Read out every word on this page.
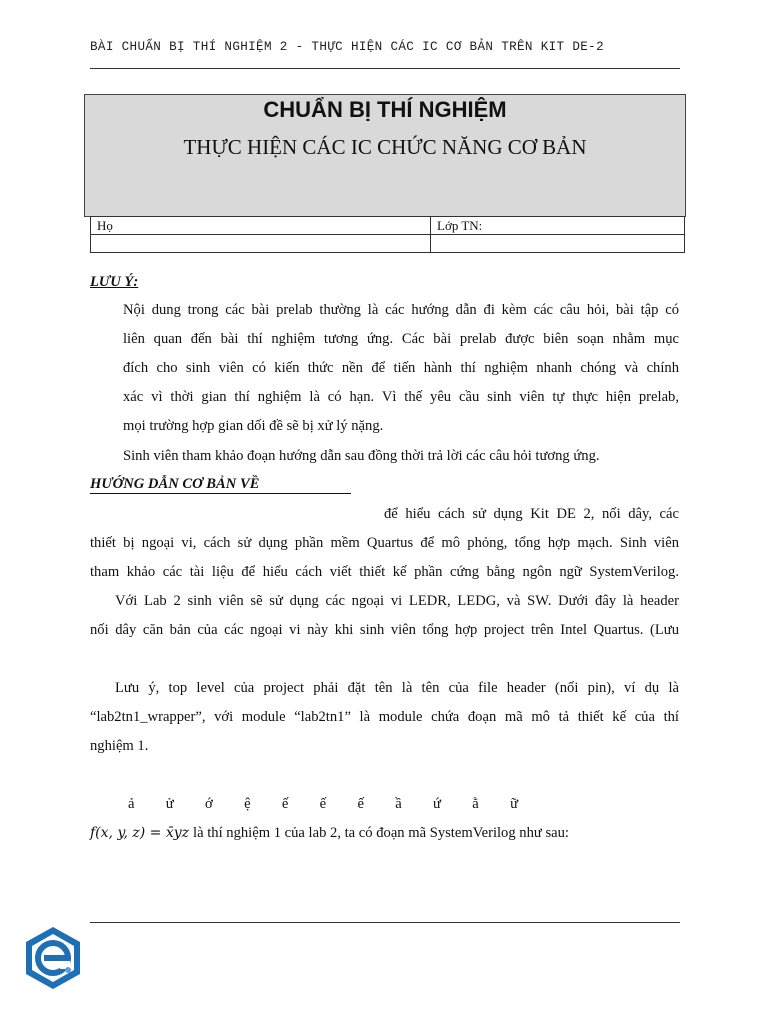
BÀI CHUẨN BỊ THÍ NGHIỆM 2 - THỰC HIỆN CÁC IC CƠ BẢN TRÊN KIT DE-2
CHUẨN BỊ THÍ NGHIỆM
THỰC HIỆN CÁC IC CHỨC NĂNG CƠ BẢN
Họ	Lớp TN:

LƯU Ý:
Nội dung trong các bài prelab thường là các hướng dẫn đi kèm các câu hỏi, bài tập có
liên quan đến bài thí nghiệm tương ứng. Các bài prelab được biên soạn nhằm mục
đích cho sinh viên có kiến thức nền để tiến hành thí nghiệm nhanh chóng và chính
xác vì thời gian thí nghiệm là có hạn. Vì thế yêu cầu sinh viên tự thực hiện prelab,
mọi trường hợp gian dối đề sẽ bị xử lý nặng.
Sinh viên tham khảo đoạn hướng dẫn sau đồng thời trả lời các câu hỏi tương ứng.
HƯỚNG DẪN CƠ BẢN VỀ
để hiểu cách sử dụng Kit DE 2, nối dây, các
thiết bị ngoại vi, cách sử dụng phần mềm Quartus để mô phỏng, tổng hợp mạch. Sinh viên
tham khảo các tài liệu để hiểu cách viết thiết kế phần cứng bằng ngôn ngữ SystemVerilog.
Với Lab 2 sinh viên sẽ sử dụng các ngoại vi LEDR, LEDG, và SW. Dưới đây là header
nối dây căn bản của các ngoại vi này khi sinh viên tổng hợp project trên Intel Quartus. (Lưu
Lưu ý, top level của project phải đặt tên là tên của file header (nối pin), ví dụ là
“lab2tn1_wrapper”, với module “lab2tn1” là module chứa đoạn mã mô tả thiết kế của thí
nghiệm 1.
ả ử ớ ệ ế ế ế ầ ứ ằ ữ
f(x, y, z) = x̄yz là thí nghiệm 1 của lab 2, ta có đoạn mã SystemVerilog như sau:
